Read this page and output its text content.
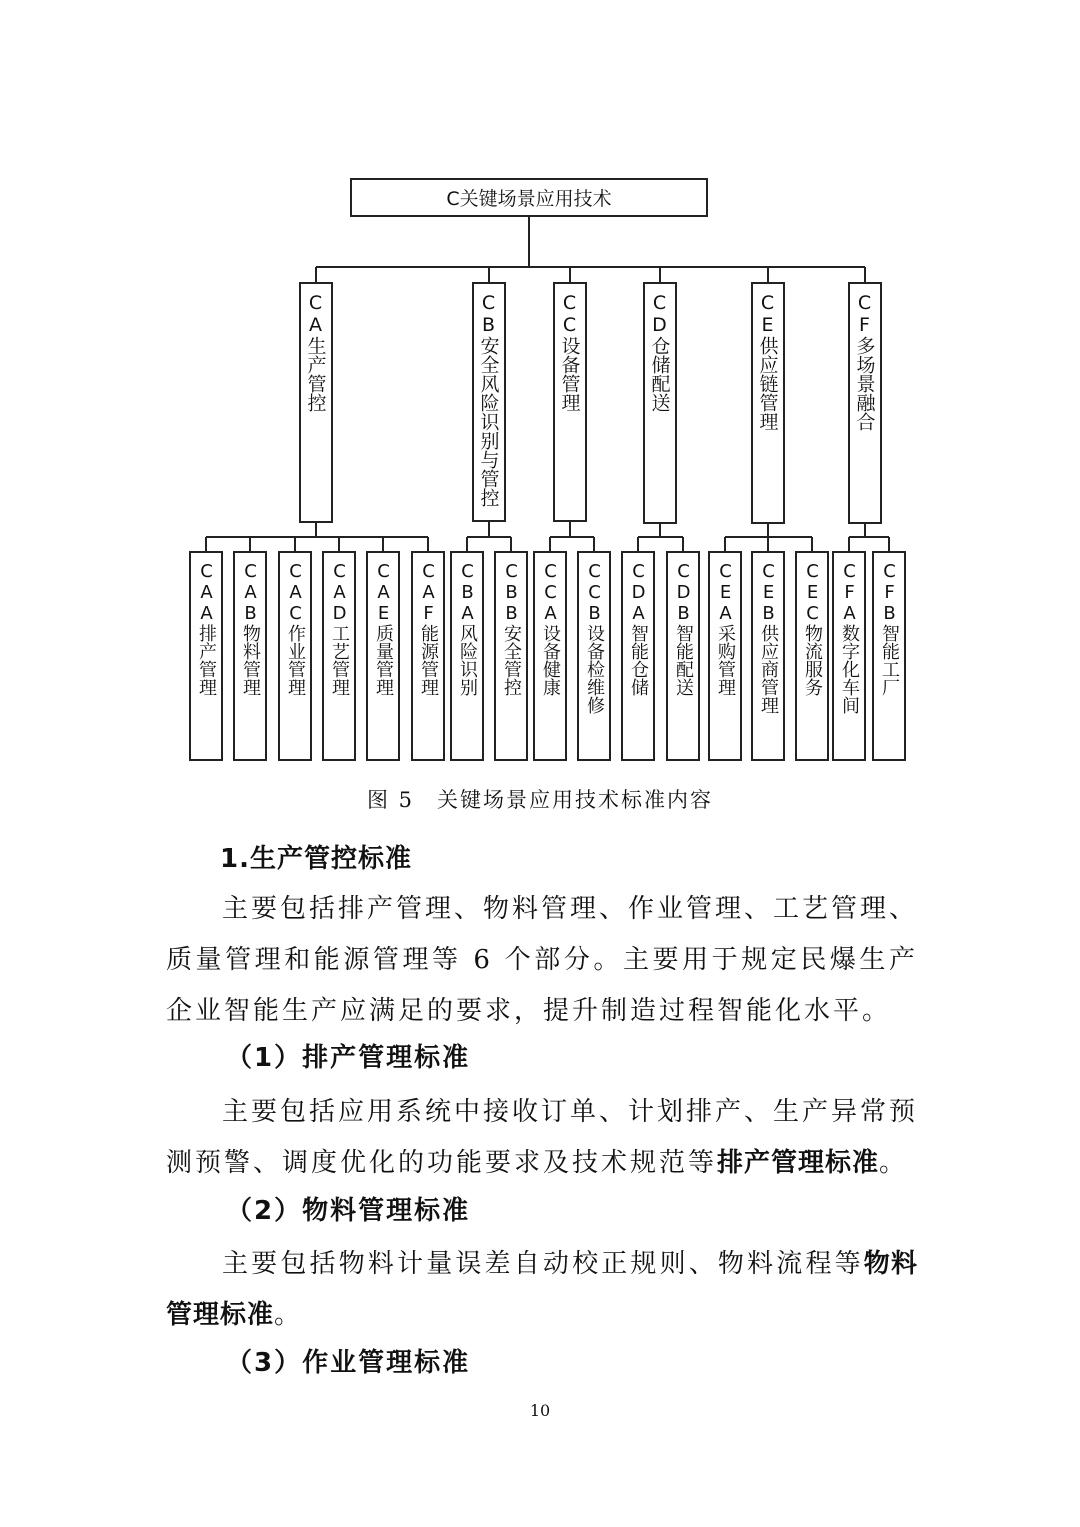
C关键场景应用技术
CA生产管控	CB安全风险识别与管控	CC设备管理	CD仓储配送	CE供应链管理	CF多场景融合
CAA排产管理 CAB物料管理 CAC作业管理 CAD工艺管理 CAE质量管理 CAF能源管理 CBA风险识别 CBB安全管控 CCA设备健康 CCB设备检维修 CDA智能仓储 CDB智能配送 CEA采购管理 CEB供应商管理 CEC物流服务 CFA数字化车间 CFB智能工厂
图 5　关键场景应用技术标准内容
1.生产管控标准
主要包括排产管理、物料管理、作业管理、工艺管理、质量管理和能源管理等 6 个部分。主要用于规定民爆生产企业智能生产应满足的要求，提升制造过程智能化水平。
（1）排产管理标准
主要包括应用系统中接收订单、计划排产、生产异常预测预警、调度优化的功能要求及技术规范等排产管理标准。
（2）物料管理标准
主要包括物料计量误差自动校正规则、物料流程等物料管理标准。
（3）作业管理标准
10
